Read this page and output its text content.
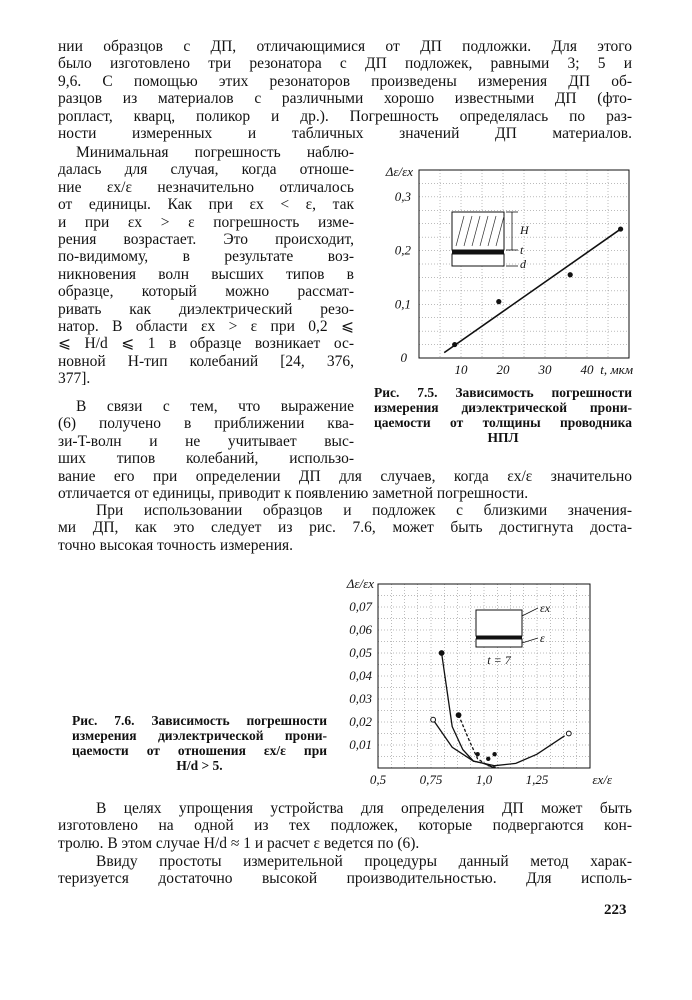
нии образцов с ДП, отличающимися от ДП подложки. Для этого
было изготовлено три резонатора с ДП подложек, равными 3; 5 и
9,6. С помощью этих резонаторов произведены измерения ДП об-
разцов из материалов с различными хорошо известными ДП (фто-
ропласт, кварц, поликор и др.). Погрешность определялась по раз-
ности измеренных и табличных значений ДП материалов.
Минимальная погрешность наблю-
далась для случая, когда отноше-
ние εx/ε незначительно отличалось
от единицы. Как при εx < ε, так
и при εx > ε погрешность изме-
рения возрастает. Это происходит,
по-видимому, в результате воз-
никновения волн высших типов в
образце, который можно рассмат-
ривать как диэлектрический резо-
натор. В области εx > ε при 0,2 ⩽
⩽ H/d ⩽ 1 в образце возникает ос-
новной H-тип колебаний [24, 376,
377].
В связи с тем, что выражение
(6) получено в приближении ква-
зи-T-волн и не учитывает выс-
ших типов колебаний, использо-
вание его при определении ДП для случаев, когда εx/ε значительно
отличается от единицы, приводит к появлению заметной погрешности.
При использовании образцов и подложек с близкими значения-
ми ДП, как это следует из рис. 7.6, может быть достигнута доста-
точно высокая точность измерения.
10 20 30 40
0
0,1
0,2
0,3
Δε/εx
t, мкм
H
t
d
Рис. 7.5. Зависимость погрешности
измерения диэлектрической прони-
цаемости от толщины проводника
НПЛ
Рис. 7.6. Зависимость погрешности
измерения диэлектрической прони-
цаемости от отношения εx/ε при
H/d > 5.
0,5	0,75	1,0	1,25
0,01
0,02
0,03
0,04
0,05
0,06
0,07
Δε/εx
εx/ε
εx
ε
t = 7
В целях упрощения устройства для определения ДП может быть
изготовлено на одной из тех подложек, которые подвергаются кон-
тролю. В этом случае H/d ≈ 1 и расчет ε ведется по (6).
Ввиду простоты измерительной процедуры данный метод харак-
теризуется достаточно высокой производительностью. Для исполь-
223
